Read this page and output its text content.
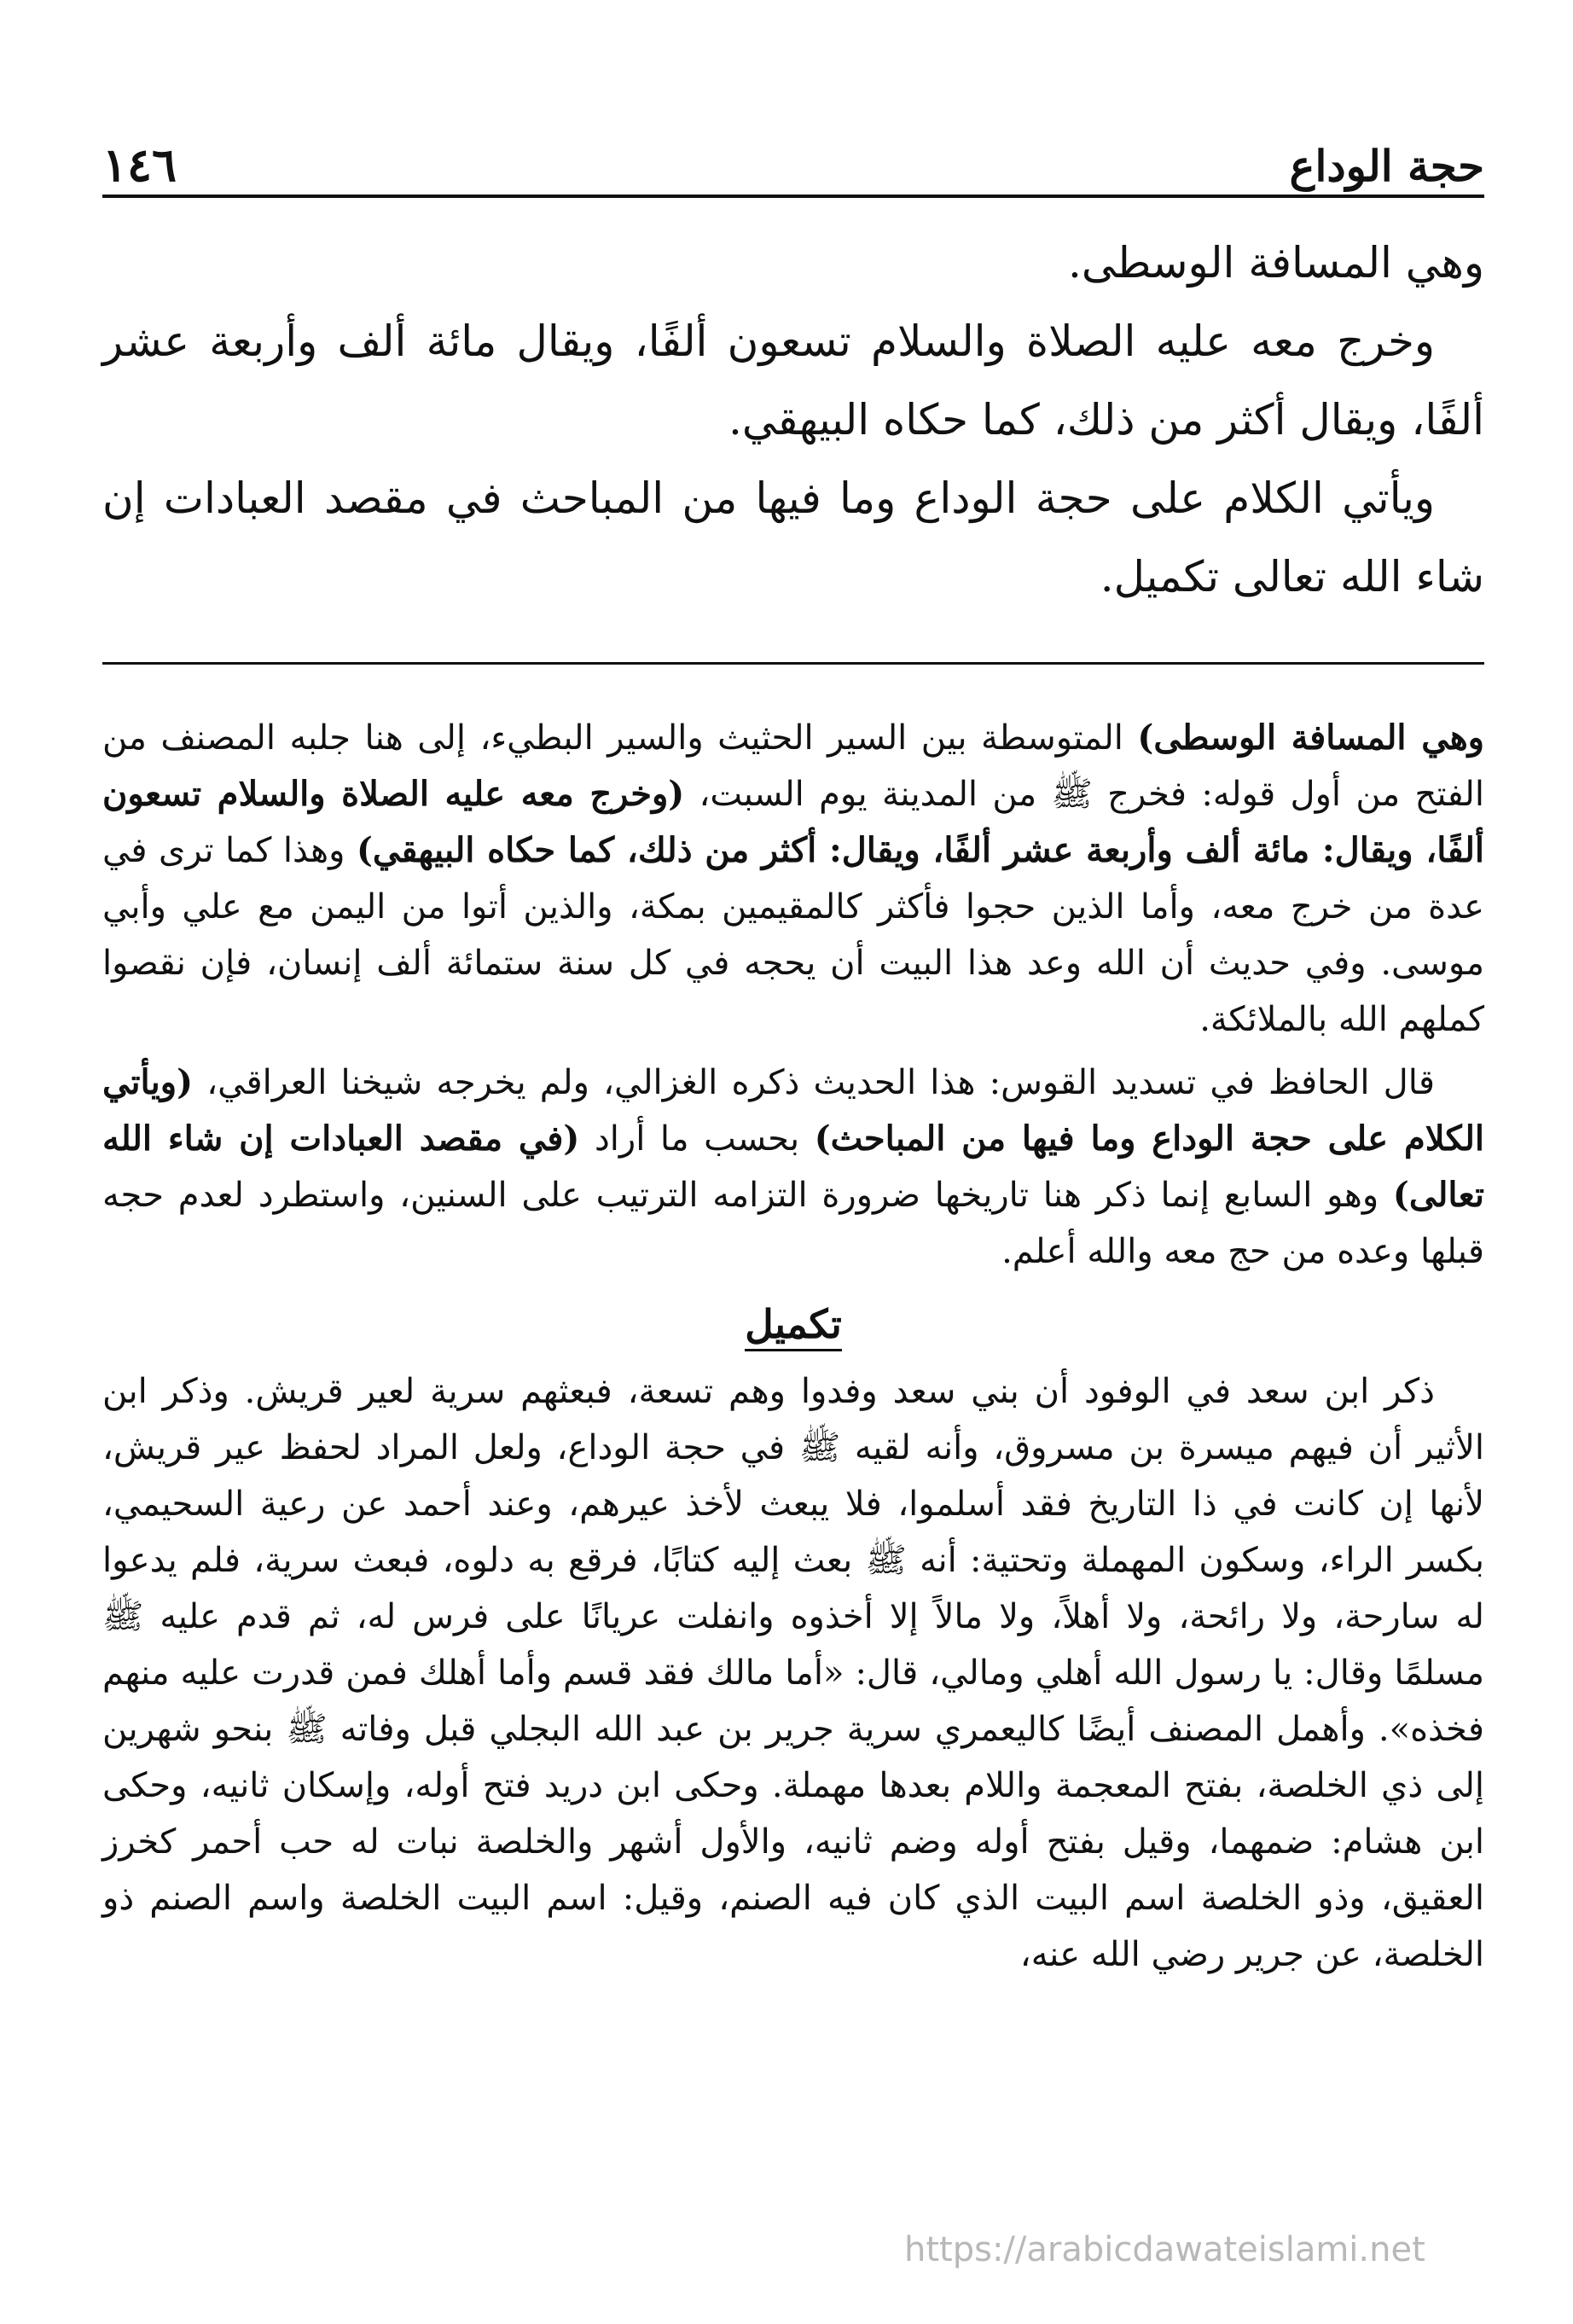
حجة الوداع
١٤٦

وهي المسافة الوسطى.

وخرج معه عليه الصلاة والسلام تسعون ألفًا، ويقال مائة ألف وأربعة عشر ألفًا، ويقال أكثر من ذلك، كما حكاه البيهقي.

ويأتي الكلام على حجة الوداع وما فيها من المباحث في مقصد العبادات إن شاء الله تعالى تكميل.

وهي المسافة الوسطى) المتوسطة بين السير الحثيث والسير البطيء، إلى هنا جلبه المصنف من الفتح من أول قوله: فخرج ﷺ من المدينة يوم السبت، (وخرج معه عليه الصلاة والسلام تسعون ألفًا، ويقال: مائة ألف وأربعة عشر ألفًا، ويقال: أكثر من ذلك، كما حكاه البيهقي) وهذا كما ترى في عدة من خرج معه، وأما الذين حجوا فأكثر كالمقيمين بمكة، والذين أتوا من اليمن مع علي وأبي موسى. وفي حديث أن الله وعد هذا البيت أن يحجه في كل سنة ستمائة ألف إنسان، فإن نقصوا كملهم الله بالملائكة.

قال الحافظ في تسديد القوس: هذا الحديث ذكره الغزالي، ولم يخرجه شيخنا العراقي، (ويأتي الكلام على حجة الوداع وما فيها من المباحث) بحسب ما أراد (في مقصد العبادات إن شاء الله تعالى) وهو السابع إنما ذكر هنا تاريخها ضرورة التزامه الترتيب على السنين، واستطرد لعدم حجه قبلها وعده من حج معه والله أعلم.

تكميل

ذكر ابن سعد في الوفود أن بني سعد وفدوا وهم تسعة، فبعثهم سرية لعير قريش. وذكر ابن الأثير أن فيهم ميسرة بن مسروق، وأنه لقيه ﷺ في حجة الوداع، ولعل المراد لحفظ عير قريش، لأنها إن كانت في ذا التاريخ فقد أسلموا، فلا يبعث لأخذ عيرهم، وعند أحمد عن رعية السحيمي، بكسر الراء، وسكون المهملة وتحتية: أنه ﷺ بعث إليه كتابًا، فرقع به دلوه، فبعث سرية، فلم يدعوا له سارحة، ولا رائحة، ولا أهلاً، ولا مالاً إلا أخذوه وانفلت عريانًا على فرس له، ثم قدم عليه ﷺ مسلمًا وقال: يا رسول الله أهلي ومالي، قال: «أما مالك فقد قسم وأما أهلك فمن قدرت عليه منهم فخذه». وأهمل المصنف أيضًا كاليعمري سرية جرير بن عبد الله البجلي قبل وفاته ﷺ بنحو شهرين إلى ذي الخلصة، بفتح المعجمة واللام بعدها مهملة. وحكى ابن دريد فتح أوله، وإسكان ثانيه، وحكى ابن هشام: ضمهما، وقيل بفتح أوله وضم ثانيه، والأول أشهر والخلصة نبات له حب أحمر كخرز العقيق، وذو الخلصة اسم البيت الذي كان فيه الصنم، وقيل: اسم البيت الخلصة واسم الصنم ذو الخلصة، عن جرير رضي الله عنه،

https://arabicdawateislami.net
